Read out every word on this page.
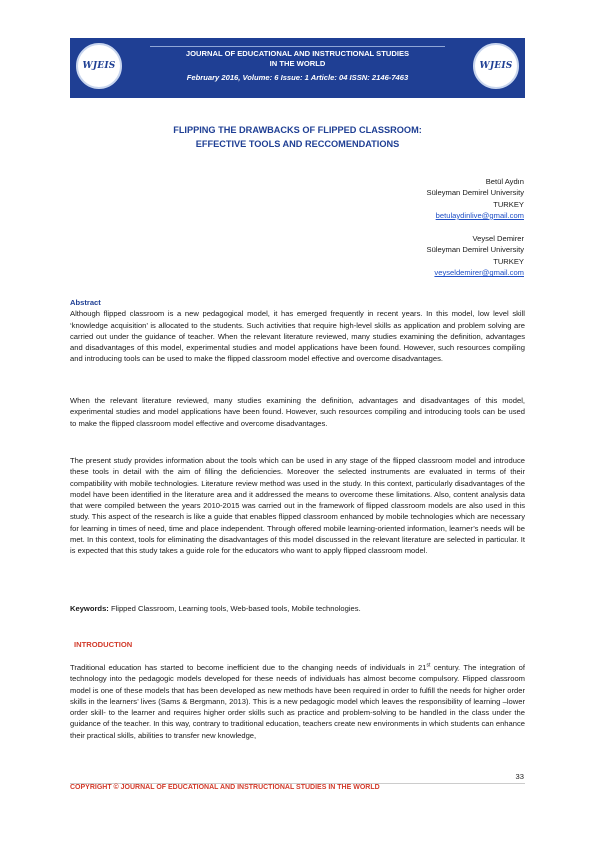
WJEIS
JOURNAL OF EDUCATIONAL AND INSTRUCTIONAL STUDIES
IN THE WORLD
February 2016, Volume: 6 Issue: 1 Article: 04 ISSN: 2146-7463
WJEIS
FLIPPING THE DRAWBACKS OF FLIPPED CLASSROOM:
EFFECTIVE TOOLS AND RECCOMENDATIONS
Betül Aydın
Süleyman Demirel University
TURKEY
betulaydinlive@gmail.com
Veysel Demirer
Süleyman Demirel University
TURKEY
veyseldemirer@gmail.com

Abstract

Although flipped classroom is a new pedagogical model, it has emerged frequently in recent years. In this model, low level skill ‘knowledge acquisition’ is allocated to the students. Such activities that require high-level skills as application and problem solving are carried out under the guidance of teacher. When the relevant literature reviewed, many studies examining the definition, advantages and disadvantages of this model, experimental studies and model applications have been found. However, such resources compiling and introducing tools can be used to make the flipped classroom model effective and overcome disadvantages.

When the relevant literature reviewed, many studies examining the definition, advantages and disadvantages of this model, experimental studies and model applications have been found. However, such resources compiling and introducing tools can be used to make the flipped classroom model effective and overcome disadvantages.

The present study provides information about the tools which can be used in any stage of the flipped classroom model and introduce these tools in detail with the aim of filling the deficiencies. Moreover the selected instruments are evaluated in terms of their compatibility with mobile technologies. Literature review method was used in the study. In this context, particularly disadvantages of the model have been identified in the literature area and it addressed the means to overcome these limitations. Also, content analysis data that were compiled between the years 2010-2015 was carried out in the framework of flipped classroom models are also used in this study. This aspect of the research is like a guide that enables flipped classroom enhanced by mobile technologies which are necessary for learning in times of need, time and place independent. Through offered mobile learning-oriented information, learner’s needs will be met. In this context, tools for eliminating the disadvantages of this model discussed in the relevant literature are selected in particular. It is expected that this study takes a guide role for the educators who want to apply flipped classroom model.

Keywords: Flipped Classroom, Learning tools, Web-based tools, Mobile technologies.

INTRODUCTION

Traditional education has started to become inefficient due to the changing needs of individuals in 21st century. The integration of technology into the pedagogic models developed for these needs of individuals has almost become compulsory. Flipped classroom model is one of these models that has been developed as new methods have been required in order to fulfill the needs for higher order skills in the learners’ lives (Sams & Bergmann, 2013). This is a new pedagogic model which leaves the responsibility of learning –lower order skill- to the learner and requires higher order skills such as practice and problem-solving to be handled in the class under the guidance of the teacher. In this way, contrary to traditional education, teachers create new environments in which students can enhance their practical skills, abilities to transfer new knowledge,

33
COPYRIGHT © JOURNAL OF EDUCATIONAL AND INSTRUCTIONAL STUDIES IN THE WORLD
